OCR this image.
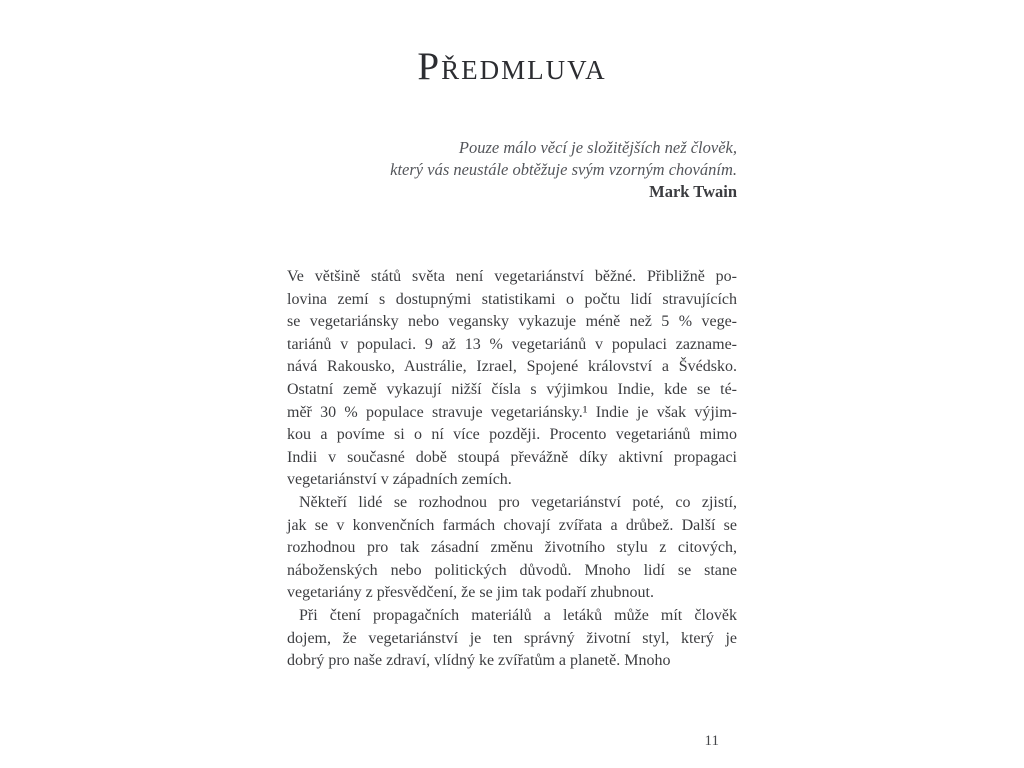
Předmluva
Pouze málo věcí je složitějších než člověk,
který vás neustále obtěžuje svým vzorným chováním.
Mark Twain
Ve většině států světa není vegetariánství běžné. Přibližně po-
lovina zemí s dostupnými statistikami o počtu lidí stravujících
se vegetariánsky nebo vegansky vykazuje méně než 5 % vege-
tariánů v populaci. 9 až 13 % vegetariánů v populaci zazname-
nává Rakousko, Austrálie, Izrael, Spojené království a Švédsko.
Ostatní země vykazují nižší čísla s výjimkou Indie, kde se té-
měř 30 % populace stravuje vegetariánsky.¹ Indie je však výjim-
kou a povíme si o ní více později. Procento vegetariánů mimo
Indii v současné době stoupá převážně díky aktivní propagaci
vegetariánství v západních zemích.
Někteří lidé se rozhodnou pro vegetariánství poté, co zjistí,
jak se v konvenčních farmách chovají zvířata a drůbež. Další se
rozhodnou pro tak zásadní změnu životního stylu z citových,
náboženských nebo politických důvodů. Mnoho lidí se stane
vegetariány z přesvědčení, že se jim tak podaří zhubnout.
Při čtení propagačních materiálů a letáků může mít člověk
dojem, že vegetariánství je ten správný životní styl, který je
dobrý pro naše zdraví, vlídný ke zvířatům a planetě. Mnoho
11
